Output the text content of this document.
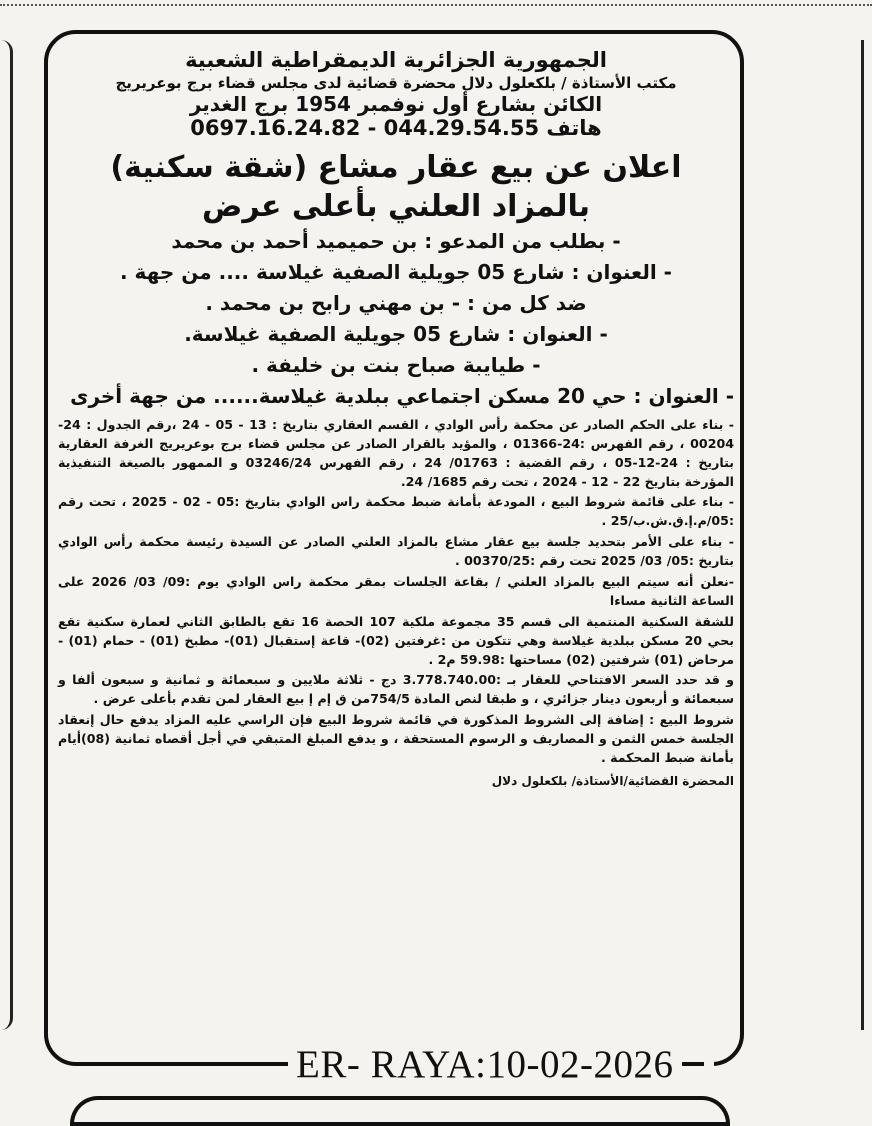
الجمهورية الجزائرية الديمقراطية الشعبية
مكتب الأستاذة / بلكعلول دلال محضرة قضائية لدى مجلس قضاء برج بوعريريج
الكائن بشارع أول نوفمبر 1954 برج الغدير
هاتف 0697.16.24.82 - 044.29.54.55
اعلان عن بيع عقار مشاع (شقة سكنية) بالمزاد العلني بأعلى عرض
- بطلب من المدعو : بن حميميد أحمد بن محمد
- العنوان : شارع 05 جويلية الصفية غيلاسة .... من جهة .
ضد كل من : - بن مهني رابح بن محمد .
- العنوان : شارع 05 جويلية الصفية غيلاسة.
- طيايبة صباح بنت بن خليفة .
- العنوان : حي 20 مسكن اجتماعي ببلدية غيلاسة...... من جهة أخرى

- بناء على الحكم الصادر عن محكمة رأس الوادي ، القسم العقاري بتاريخ : 13 - 05 - 24 ،رقم الجدول : 24-00204 ، رقم الفهرس :24-01366 ، والمؤيد بالقرار الصادر عن مجلس قضاء برج بوعريريج الغرفة العقارية بتاريخ : 24-12-05 ، رقم القضية : 01763/ 24 ، رقم الفهرس 03246/24 و الممهور بالصيغة التنفيذية المؤرخة بتاريخ 22 - 12 - 2024 ، تحت رقم 1685/ 24.

- بناء على قائمة شروط البيع ، المودعة بأمانة ضبط محكمة راس الوادي بتاريخ :05 - 02 - 2025 ، تحت رقم :05/م.إ.ق.ش.ب/25 .

- بناء على الأمر بتحديد جلسة بيع عقار مشاع بالمزاد العلني الصادر عن السيدة رئيسة محكمة رأس الوادي بتاريخ :05/ 03/ 2025 تحت رقم :00370/25 .

-نعلن أنه سيتم البيع بالمزاد العلني / بقاعة الجلسات بمقر محكمة راس الوادي يوم :09/ 03/ 2026 على الساعة الثانية مساءا

للشقة السكنية المنتمية الى قسم 35 مجموعة ملكية 107 الحصة 16 تقع بالطابق الثاني لعمارة سكنية تقع بحي 20 مسكن ببلدية غيلاسة وهي تتكون من :غرفتين (02)- قاعة إستقبال (01)- مطبخ (01) - حمام (01) - مرحاض (01) شرفتين (02) مساحتها :59.98 م2 .

و قد حدد السعر الافتتاحي للعقار بـ :3.778.740.00 دج - ثلاثة ملايين و سبعمائة و ثمانية و سبعون ألفا و سبعمائة و أربعون دينار جزائري ، و طبقا لنص المادة 754/5من ق إم إ بيع العقار لمن تقدم بأعلى عرض .

شروط البيع : إضافة إلى الشروط المذكورة في قائمة شروط البيع فإن الراسي عليه المزاد يدفع حال إنعقاد الجلسة خمس الثمن و المصاريف و الرسوم المستحقة ، و يدفع المبلغ المتبقي في أجل أقصاه ثمانية (08)أيام بأمانة ضبط المحكمة .

المحضرة القضائية/الأستاذة/ بلكعلول دلال
ER- RAYA:10-02-2026
